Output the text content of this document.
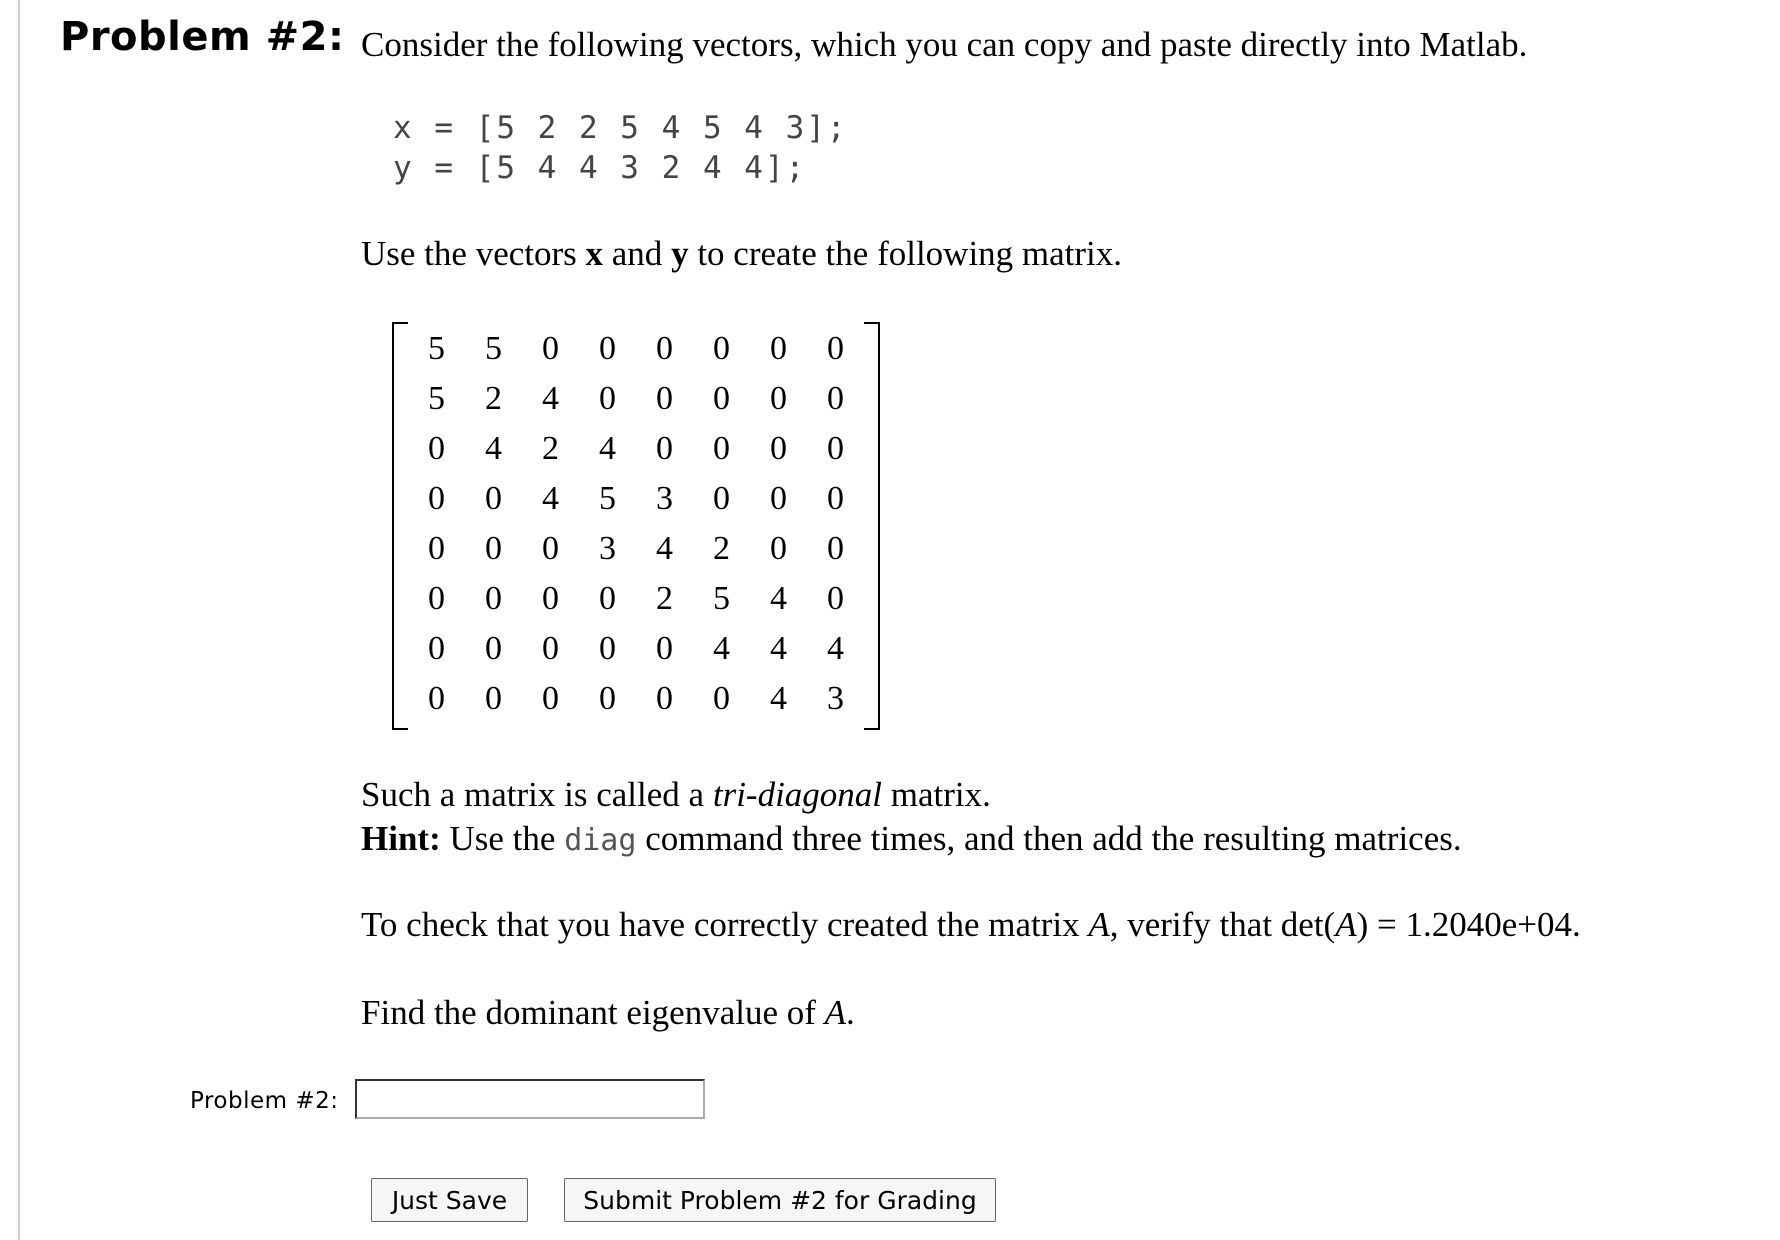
Problem #2: Consider the following vectors, which you can copy and paste directly into Matlab.
x = [5 2 2 5 4 5 4 3];
y = [5 4 4 3 2 4 4];
Use the vectors x and y to create the following matrix.
5	5	0	0	0	0	0	0
5	2	4	0	0	0	0	0
0	4	2	4	0	0	0	0
0	0	4	5	3	0	0	0
0	0	0	3	4	2	0	0
0	0	0	0	2	5	4	0
0	0	0	0	0	4	4	4
0	0	0	0	0	0	4	3
Such a matrix is called a tri-diagonal matrix.
Hint: Use the diag command three times, and then add the resulting matrices.
To check that you have correctly created the matrix A, verify that det(A) = 1.2040e+04.
Find the dominant eigenvalue of A.
Problem #2:
Just Save	Submit Problem #2 for Grading
